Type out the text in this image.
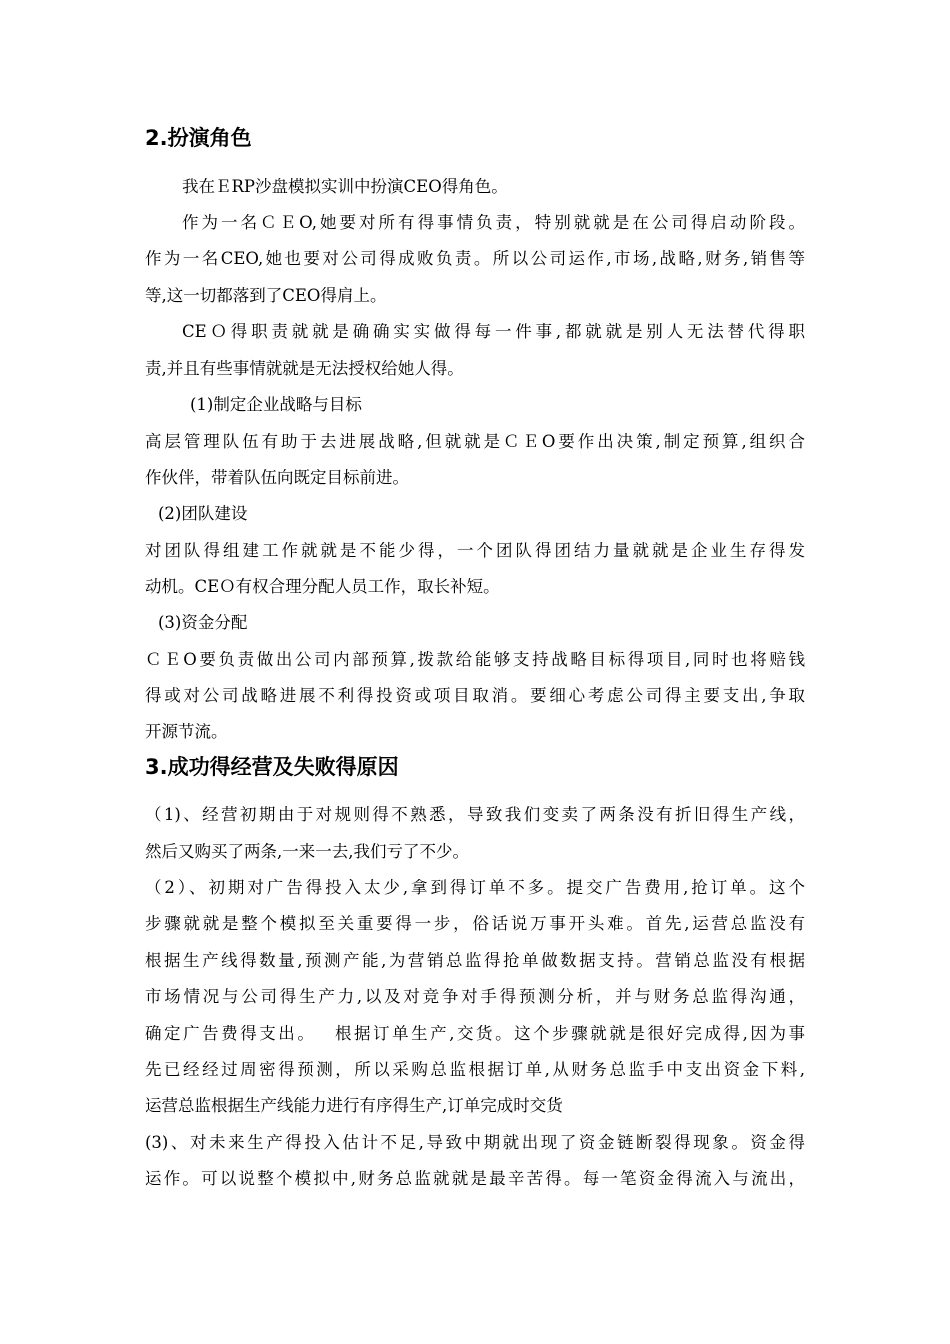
2.扮演角色
我在ＥRP沙盘模拟实训中扮演CEO得角色。
作为一名ＣＥO,她要对所有得事情负责，特别就就是在公司得启动阶段。
作为一名CEO,她也要对公司得成败负责。所以公司运作,市场,战略,财务,销售等
等,这一切都落到了CEO得肩上。
CEＯ得职责就就是确确实实做得每一件事,都就就是别人无法替代得职
责,并且有些事情就就是无法授权给她人得。
(1)制定企业战略与目标
高层管理队伍有助于去进展战略,但就就是ＣＥO要作出决策,制定预算,组织合
作伙伴，带着队伍向既定目标前进。
(2)团队建设
对团队得组建工作就就是不能少得，一个团队得团结力量就就是企业生存得发
动机。CEＯ有权合理分配人员工作，取长补短。
(3)资金分配
ＣＥO要负责做出公司内部预算,拨款给能够支持战略目标得项目,同时也将赔钱
得或对公司战略进展不利得投资或项目取消。要细心考虑公司得主要支出,争取
开源节流。
3.成功得经营及失败得原因
（1)、经营初期由于对规则得不熟悉，导致我们变卖了两条没有折旧得生产线，
然后又购买了两条,一来一去,我们亏了不少。
（2）、初期对广告得投入太少,拿到得订单不多。提交广告费用,抢订单。这个
步骤就就是整个模拟至关重要得一步，俗话说万事开头难。首先,运营总监没有
根据生产线得数量,预测产能,为营销总监得抢单做数据支持。营销总监没有根据
市场情况与公司得生产力,以及对竞争对手得预测分析，并与财务总监得沟通，
确定广告费得支出。　 根据订单生产,交货。这个步骤就就是很好完成得,因为事
先已经经过周密得预测，所以采购总监根据订单,从财务总监手中支出资金下料,
运营总监根据生产线能力进行有序得生产,订单完成时交货
(3)、对未来生产得投入估计不足,导致中期就出现了资金链断裂得现象。资金得
运作。可以说整个模拟中,财务总监就就是最辛苦得。每一笔资金得流入与流出，
